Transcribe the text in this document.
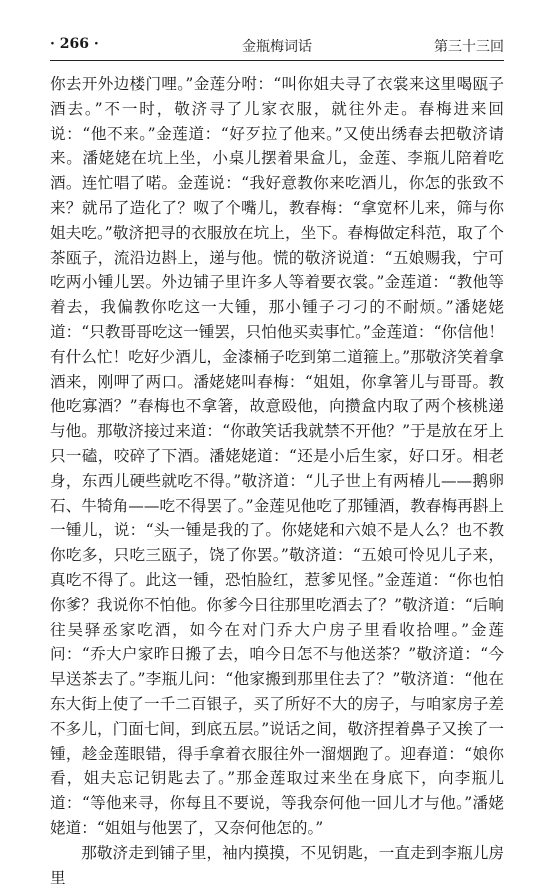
· 266 ·	金瓶梅词话	第三十三回

你去开外边楼门哩。”金莲分咐：“叫你姐夫寻了衣裳来这里喝瓯子酒去。”不一时，敬济寻了儿家衣服，就往外走。春梅进来回说：“他不来。”金莲道：“好歹拉了他来。”又使出绣春去把敬济请来。潘姥姥在坑上坐，小桌儿摆着果盒儿，金莲、李瓶儿陪着吃酒。连忙唱了喏。金莲说：“我好意教你来吃酒儿，你怎的张致不来？就吊了造化了？呶了个嘴儿，教春梅：“拿宽杯儿来，筛与你姐夫吃。”敬济把寻的衣服放在坑上，坐下。春梅做定科范，取了个茶瓯子，流沿边斟上，递与他。慌的敬济说道：“五娘赐我，宁可吃两小锺儿罢。外边铺子里许多人等着要衣裳。”金莲道：“教他等着去，我偏教你吃这一大锺，那小锺子刁刁的不耐烦。”潘姥姥道：“只教哥哥吃这一锺罢，只怕他买卖事忙。”金莲道：“你信他！有什么忙！吃好少酒儿，金漆桶子吃到第二道箍上。”那敬济笑着拿酒来，刚呷了两口。潘姥姥叫春梅：“姐姐，你拿箸儿与哥哥。教他吃寡酒？”春梅也不拿箸，故意殴他，向攒盒内取了两个核桃递与他。那敬济接过来道：“你敢笑话我就禁不开他？”于是放在牙上只一磕，咬碎了下酒。潘姥姥道：“还是小后生家，好口牙。相老身，东西儿硬些就吃不得。”敬济道：“儿子世上有两椿儿——鹅卵石、牛犄角——吃不得罢了。”金莲见他吃了那锺酒，教春梅再斟上一锺儿，说：“头一锺是我的了。你姥姥和六娘不是人么？也不教你吃多，只吃三瓯子，饶了你罢。”敬济道：“五娘可怜见儿子来，真吃不得了。此这一锺，恐怕脸红，惹爹见怪。”金莲道：“你也怕你爹？我说你不怕他。你爹今日往那里吃酒去了？”敬济道：“后晌往吴驿丞家吃酒，如今在对门乔大户房子里看收拾哩。”金莲问：“乔大户家昨日搬了去，咱今日怎不与他送茶？”敬济道：“今早送茶去了。”李瓶儿问：“他家搬到那里住去了？”敬济道：“他在东大街上使了一千二百银子，买了所好不大的房子，与咱家房子差不多儿，门面七间，到底五层。”说话之间，敬济捏着鼻子又挨了一锺，趁金莲眼错，得手拿着衣服往外一溜烟跑了。迎春道：“娘你看，姐夫忘记钥匙去了。”那金莲取过来坐在身底下，向李瓶儿道：“等他来寻，你每且不要说，等我奈何他一回儿才与他。”潘姥姥道：“姐姐与他罢了，又奈何他怎的。”

那敬济走到铺子里，袖内摸摸，不见钥匙，一直走到李瓶儿房里
